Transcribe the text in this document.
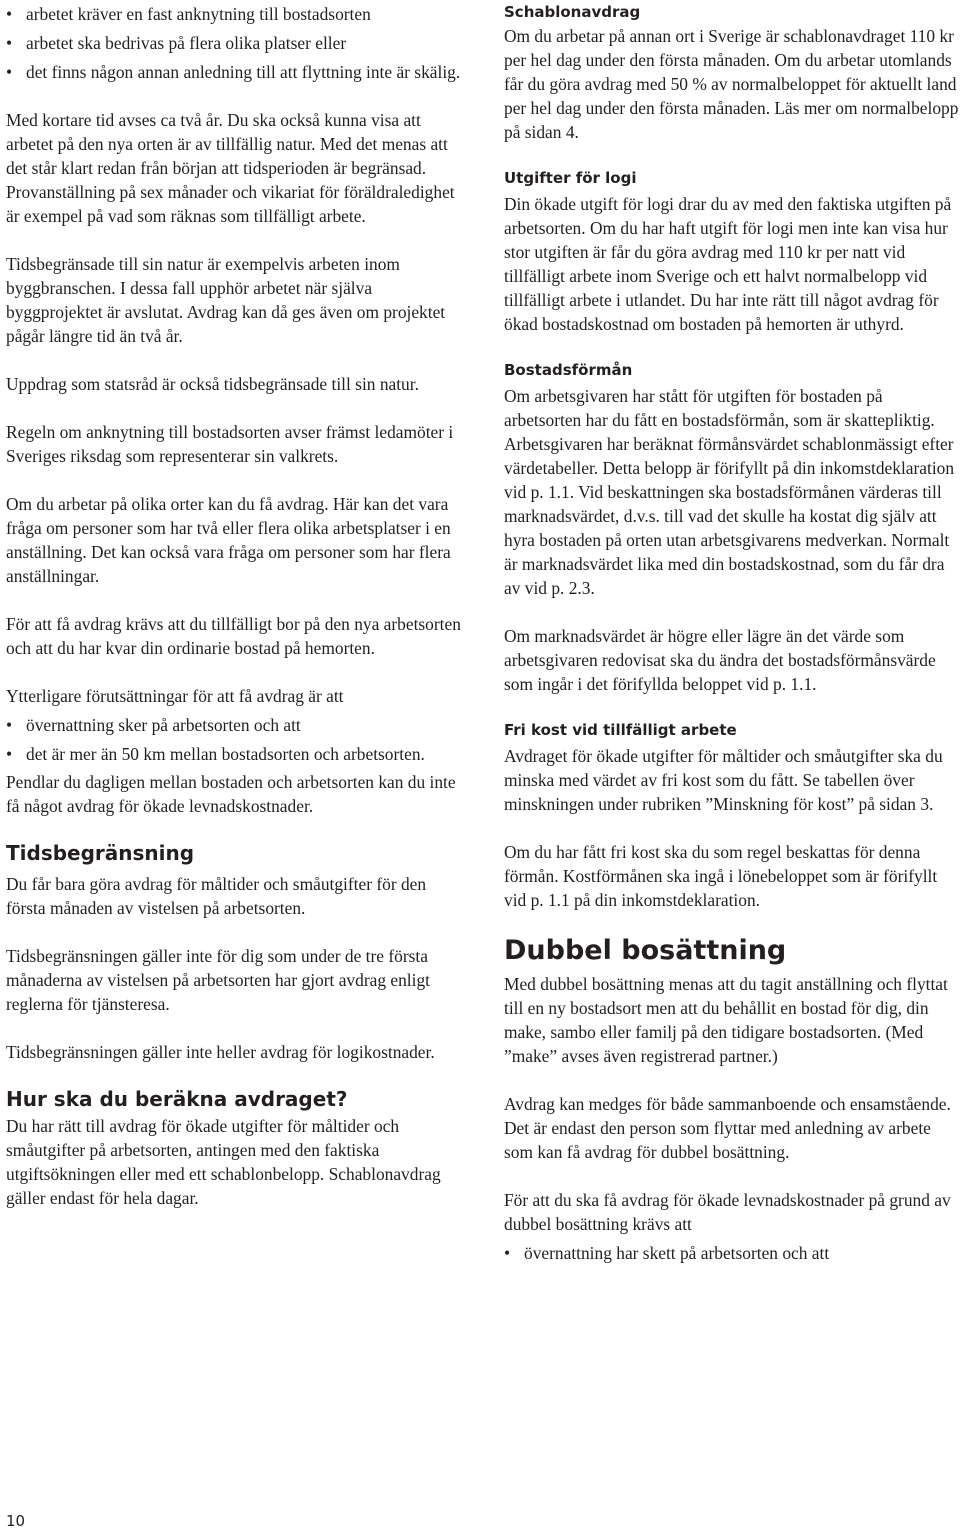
• arbetet kräver en fast anknytning till bostadsorten
• arbetet ska bedrivas på flera olika platser eller
• det finns någon annan anledning till att flyttning inte är skälig.

Med kortare tid avses ca två år. Du ska också kunna visa att arbetet på den nya orten är av tillfällig natur. Med det menas att det står klart redan från början att tidsperioden är begränsad. Provanställning på sex månader och vikariat för föräldraledighet är exempel på vad som räknas som tillfälligt arbete.

Tidsbegränsade till sin natur är exempelvis arbeten inom byggbranschen. I dessa fall upphör arbetet när själva byggprojektet är avslutat. Avdrag kan då ges även om projektet pågår längre tid än två år.

Uppdrag som statsråd är också tidsbegränsade till sin natur.

Regeln om anknytning till bostadsorten avser främst ledamöter i Sveriges riksdag som representerar sin valkrets.

Om du arbetar på olika orter kan du få avdrag. Här kan det vara fråga om personer som har två eller flera olika arbetsplatser i en anställning. Det kan också vara fråga om personer som har flera anställningar.

För att få avdrag krävs att du tillfälligt bor på den nya arbetsorten och att du har kvar din ordinarie bostad på hemorten.

Ytterligare förutsättningar för att få avdrag är att

• övernattning sker på arbetsorten och att
• det är mer än 50 km mellan bostadsorten och arbetsorten.

Pendlar du dagligen mellan bostaden och arbetsorten kan du inte få något avdrag för ökade levnadskostnader.

Tidsbegränsning

Du får bara göra avdrag för måltider och småutgifter för den första månaden av vistelsen på arbetsorten.

Tidsbegränsningen gäller inte för dig som under de tre första månaderna av vistelsen på arbetsorten har gjort avdrag enligt reglerna för tjänsteresa.

Tidsbegränsningen gäller inte heller avdrag för logikostnader.

Hur ska du beräkna avdraget?

Du har rätt till avdrag för ökade utgifter för måltider och småutgifter på arbetsorten, antingen med den faktiska utgiftsökningen eller med ett schablonbelopp. Schablonavdrag gäller endast för hela dagar.

Schablonavdrag

Om du arbetar på annan ort i Sverige är schablonavdraget 110 kr per hel dag under den första månaden. Om du arbetar utomlands får du göra avdrag med 50 % av normalbeloppet för aktuellt land per hel dag under den första månaden. Läs mer om normalbelopp på sidan 4.

Utgifter för logi

Din ökade utgift för logi drar du av med den faktiska utgiften på arbetsorten. Om du har haft utgift för logi men inte kan visa hur stor utgiften är får du göra avdrag med 110 kr per natt vid tillfälligt arbete inom Sverige och ett halvt normalbelopp vid tillfälligt arbete i utlandet. Du har inte rätt till något avdrag för ökad bostadskostnad om bostaden på hemorten är uthyrd.

Bostadsförmån

Om arbetsgivaren har stått för utgiften för bostaden på arbetsorten har du fått en bostadsförmån, som är skattepliktig. Arbetsgivaren har beräknat förmånsvärdet schablonmässigt efter värdetabeller. Detta belopp är förifyllt på din inkomstdeklaration vid p. 1.1. Vid beskattningen ska bostadsförmånen värderas till marknadsvärdet, d.v.s. till vad det skulle ha kostat dig själv att hyra bostaden på orten utan arbetsgivarens medverkan. Normalt är marknadsvärdet lika med din bostadskostnad, som du får dra av vid p. 2.3.

Om marknadsvärdet är högre eller lägre än det värde som arbetsgivaren redovisat ska du ändra det bostadsförmånsvärde som ingår i det förifyllda beloppet vid p. 1.1.

Fri kost vid tillfälligt arbete

Avdraget för ökade utgifter för måltider och småutgifter ska du minska med värdet av fri kost som du fått. Se tabellen över minskningen under rubriken ”Minskning för kost” på sidan 3.

Om du har fått fri kost ska du som regel beskattas för denna förmån. Kostförmånen ska ingå i lönebeloppet som är förifyllt vid p. 1.1 på din inkomstdeklaration.

Dubbel bosättning

Med dubbel bosättning menas att du tagit anställning och flyttat till en ny bostadsort men att du behållit en bostad för dig, din make, sambo eller familj på den tidigare bostadsorten. (Med ”make” avses även registrerad partner.)

Avdrag kan medges för både sammanboende och ensamstående. Det är endast den person som flyttar med anledning av arbete som kan få avdrag för dubbel bosättning.

För att du ska få avdrag för ökade levnadskostnader på grund av dubbel bosättning krävs att

• övernattning har skett på arbetsorten och att
10
